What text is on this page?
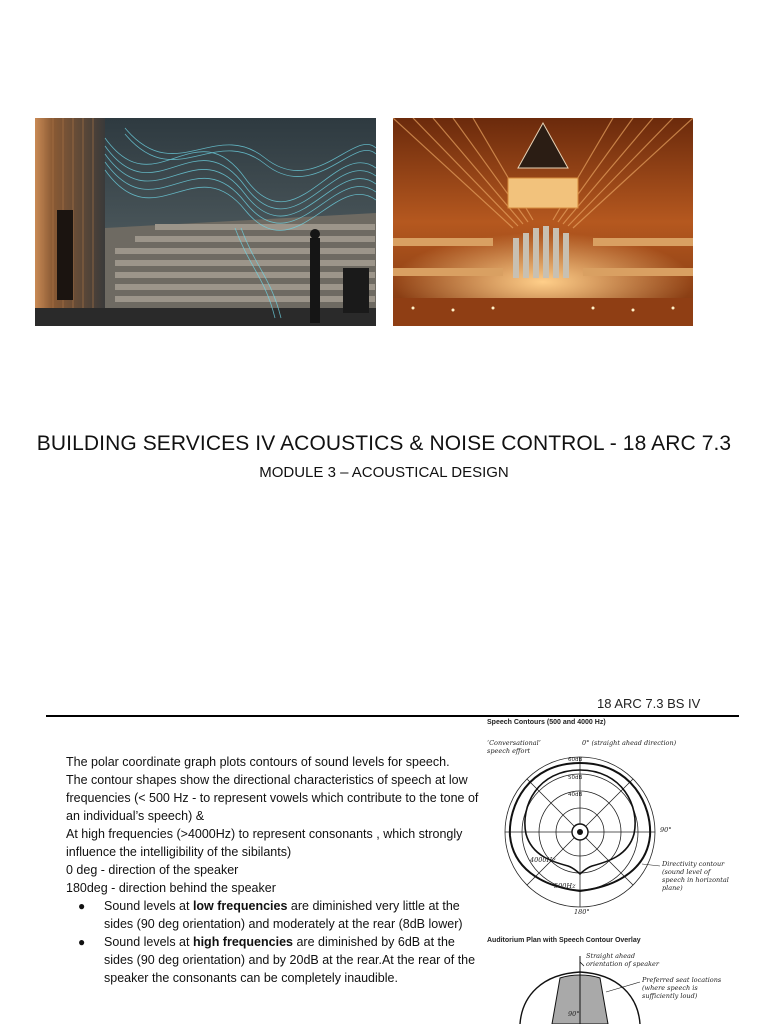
BUILDING SERVICES IV ACOUSTICS & NOISE CONTROL - 18 ARC 7.3
MODULE 3 – ACOUSTICAL DESIGN
18 ARC 7.3 BS IV

The polar coordinate graph plots contours of sound levels for speech.

The contour shapes show the directional characteristics of speech at low frequencies (< 500 Hz - to represent vowels which contribute to the tone of an individual’s speech) &

At high frequencies (>4000Hz) to represent consonants , which strongly influence the intelligibility of the sibilants)

0 deg - direction of the speaker

180deg - direction behind the speaker

● Sound levels at low frequencies are diminished very little at the sides (90 deg orientation) and moderately at the rear (8dB lower)
● Sound levels at high frequencies are diminished by 6dB at the sides (90 deg orientation) and by 20dB at the rear.At the rear of the speaker the consonants can be completely inaudible.
Speech Contours (500 and 4000 Hz)
‘Conversational’
speech effort
0° (straight ahead direction)
60dB
50dB
40dB
90°
4000Hz
500Hz
180°
Directivity contour
(sound level of
speech in horizontal
plane)
Auditorium Plan with Speech Contour Overlay
Straight ahead
orientation of speaker
Preferred seat locations
(where speech is
sufficiently loud)
90°
